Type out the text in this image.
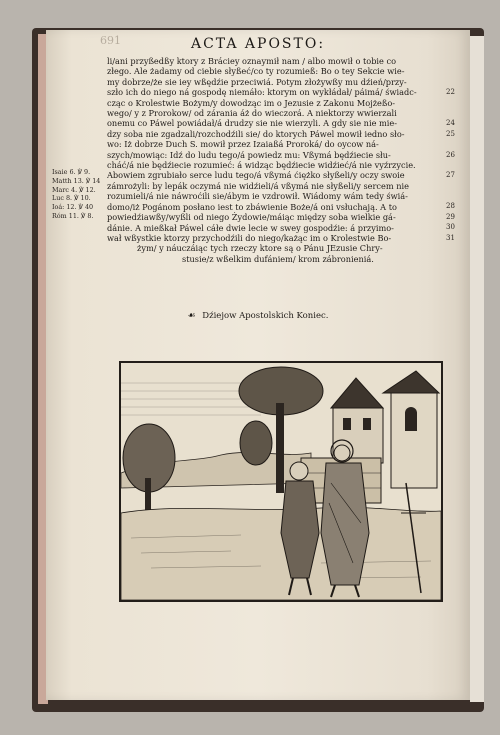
691	ACTA APOSTO:
Isaie 6. ℣ 9.
Matth 13. ℣ 14
Marc 4. ℣ 12.
Luc 8. ℣ 10.
Ioá: 12. ℣ 40
Róm 11. ℣ 8.
li/ani przyßedßy ktory z Bráciey oznaymił nam / albo mowił o tobie co
złego. Ale żadamy od ciebie słyßeć/co ty rozumieß: Bo o tey Sekcie wie-
my dobrze/że sie iey wßędźie przeciwiá. Potym złożywßy mu dźień/przy-
szło ich do niego ná gospodę niemáło: ktorym on wykłádał/ páimá/ świadc-
cząc o Krolestwie Bożym/y dowodząc im o Jezusie z Zakonu Mojżeßo-
wego/ y z Prorokow/ od zárania áż do wieczorá. A niektorzy wwierzali
onemu co Páwel powiádał/á drudzy sie nie wierzyli. A gdy sie nie mie-
dzy soba nie zgadzali/rozchodźili sie/ do ktorych Páwel mowił iedno sło-
wo: Iż dobrze Duch S. mowił przez Izaiaßá Proroká/ do oycow ná-
szych/mowiąc: Idź do ludu tego/á powiedz mu: Vßymá będźiecie słu-
cháć/á nie będźiecie rozumieć: á widząc będźiecie widźieć/á nie vyźrzycie.
Abowiem zgrubiało serce ludu tego/á vßymá ćiężko słyßeli/y oczy swoie
zámrożyli: by lepák oczymá nie widźieli/á vßymá nie słyßeli/y sercem nie
rozumieli/á nie náwroćili sie/ábym ie vzdrowił. Wiádomy wám tedy świá-
domo/iż Pogánom posłano iest to zbáwienie Boże/á oni vsłuchają. A to
powiedźiawßy/wyßli od niego Żydowie/máiąc między soba wielkie gá-
dánie. A mießkał Páwel cáłe dwie lecie w swey gospodźie: á przyimo-
wał wßystkie ktorzy przychodźili do niego/każąc im o Krolestwie Bo-
żym/ y náuczáiąc tych rzeczy ktore są o Pánu JEzusie Chry-
stusie/z wßelkim dufániem/ krom zábronieniá.
22
24
25
26
27
28
29
30
31
☙ Dźiejow Apostolskich Koniec.
